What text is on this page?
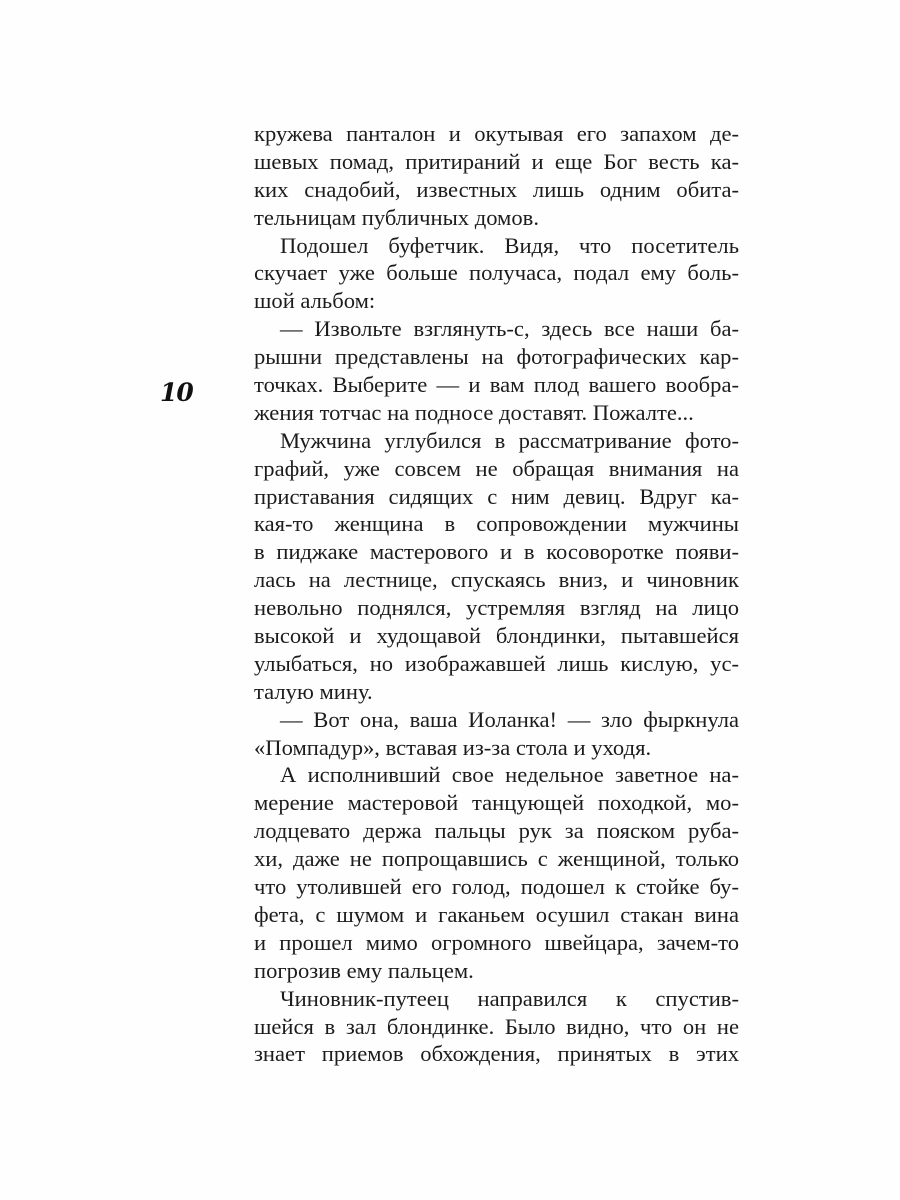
10
кружева панталон и окутывая его запахом де-
шевых помад, притираний и еще Бог весть ка-
ких снадобий, известных лишь одним обита-
тельницам публичных домов.
Подошел буфетчик. Видя, что посетитель
скучает уже больше получаса, подал ему боль-
шой альбом:
— Извольте взглянуть-с, здесь все наши ба-
рышни представлены на фотографических кар-
точках. Выберите — и вам плод вашего вообра-
жения тотчас на подносе доставят. Пожалте...
Мужчина углубился в рассматривание фото-
графий, уже совсем не обращая внимания на
приставания сидящих с ним девиц. Вдруг ка-
кая-то женщина в сопровождении мужчины
в пиджаке мастерового и в косоворотке появи-
лась на лестнице, спускаясь вниз, и чиновник
невольно поднялся, устремляя взгляд на лицо
высокой и худощавой блондинки, пытавшейся
улыбаться, но изображавшей лишь кислую, ус-
талую мину.
— Вот она, ваша Иоланка! — зло фыркнула
«Помпадур», вставая из-за стола и уходя.
А исполнивший свое недельное заветное на-
мерение мастеровой танцующей походкой, мо-
лодцевато держа пальцы рук за пояском руба-
хи, даже не попрощавшись с женщиной, только
что утолившей его голод, подошел к стойке бу-
фета, с шумом и гаканьем осушил стакан вина
и прошел мимо огромного швейцара, зачем-то
погрозив ему пальцем.
Чиновник-путеец направился к спустив-
шейся в зал блондинке. Было видно, что он не
знает приемов обхождения, принятых в этих
